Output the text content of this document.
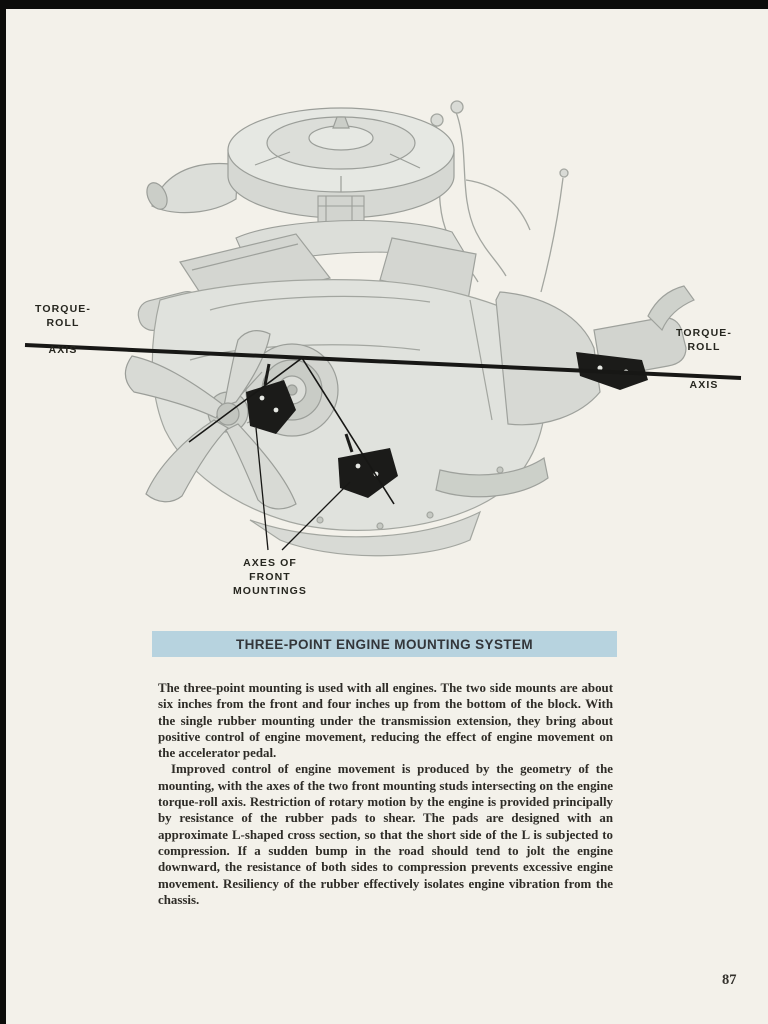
TORQUE-
ROLL
AXIS
TORQUE-
ROLL
AXIS
AXES OF
FRONT
MOUNTINGS
THREE-POINT ENGINE MOUNTING SYSTEM

The three-point mounting is used with all engines. The two side mounts are about six inches from the front and four inches up from the bottom of the block. With the single rubber mounting under the transmission extension, they bring about positive control of engine movement, reducing the effect of engine movement on the accelerator pedal.

Improved control of engine movement is produced by the geometry of the mounting, with the axes of the two front mounting studs intersecting on the engine torque-roll axis. Restriction of rotary motion by the engine is provided principally by resistance of the rubber pads to shear. The pads are designed with an approximate L-shaped cross section, so that the short side of the L is subjected to compression. If a sudden bump in the road should tend to jolt the engine downward, the resistance of both sides to compression prevents excessive engine movement. Resiliency of the rubber effectively isolates engine vibration from the chassis.

87
